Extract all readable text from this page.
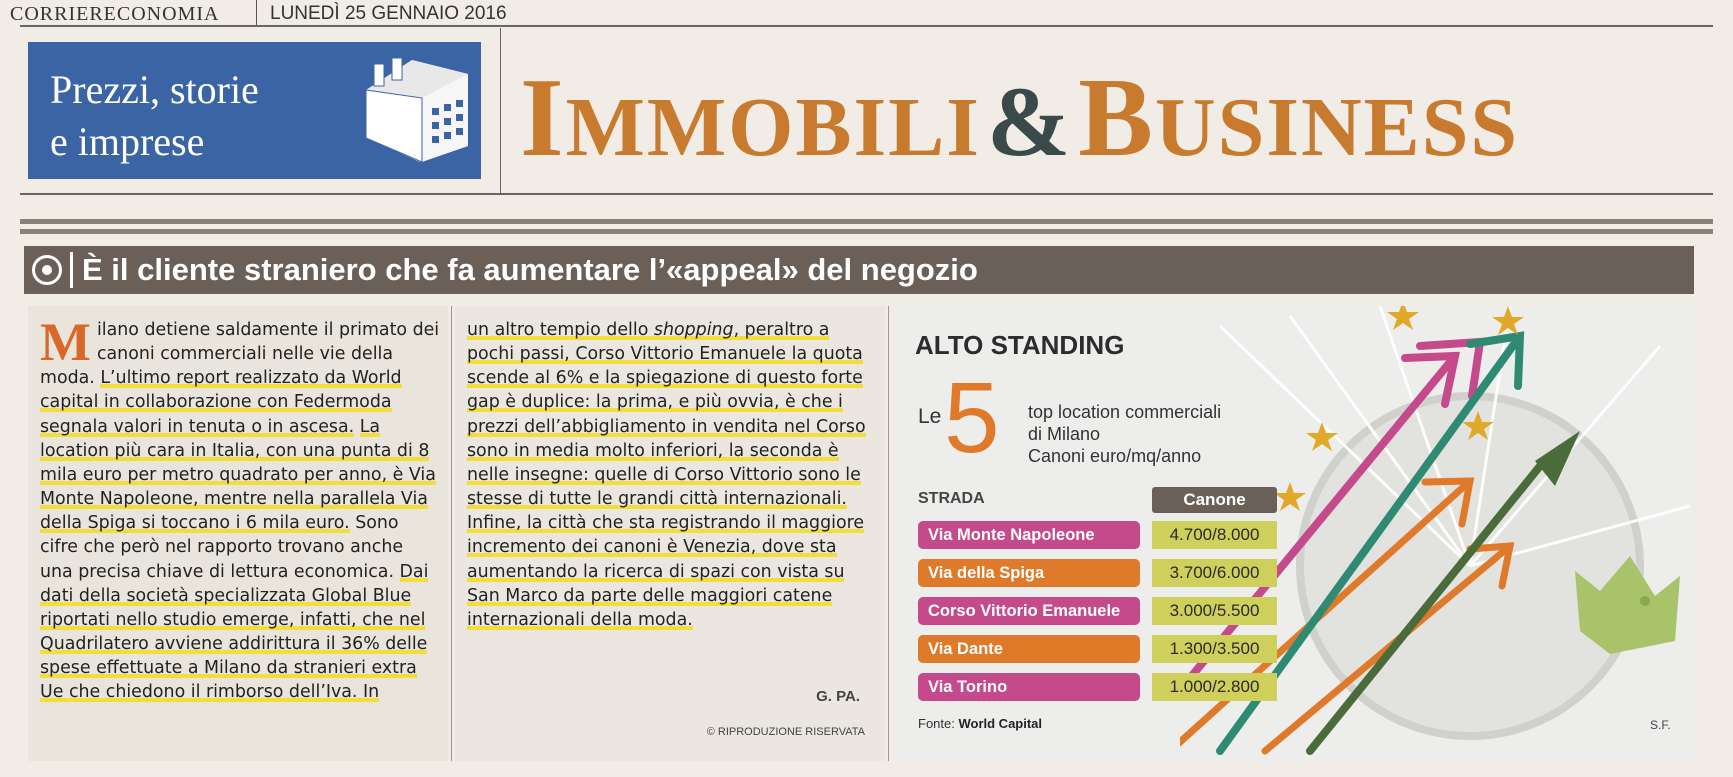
CORRIERECONOMIA	LUNEDÌ 25 GENNAIO 2016
Prezzi, storie
e imprese	IMMOBILI & BUSINESS
È il cliente straniero che fa aumentare l’«appeal» del negozio
M ilano detiene saldamente il primato dei canoni commerciali nelle vie della moda. L’ultimo report realizzato da World capital in collaborazione con Federmoda segnala valori in tenuta o in ascesa. La location più cara in Italia, con una punta di 8 mila euro per metro quadrato per anno, è Via Monte Napoleone, mentre nella parallela Via della Spiga si toccano i 6 mila euro. Sono cifre che però nel rapporto trovano anche una precisa chiave di lettura economica. Dai dati della società specializzata Global Blue riportati nello studio emerge, infatti, che nel Quadrilatero avviene addirittura il 36% delle spese effettuate a Milano da stranieri extra Ue che chiedono il rimborso dell’Iva. In
un altro tempio dello shopping, peraltro a pochi passi, Corso Vittorio Emanuele la quota scende al 6% e la spiegazione di questo forte gap è duplice: la prima, e più ovvia, è che i prezzi dell’abbigliamento in vendita nel Corso sono in media molto inferiori, la seconda è nelle insegne: quelle di Corso Vittorio sono le stesse di tutte le grandi città internazionali.
Infine, la città che sta registrando il maggiore incremento dei canoni è Venezia, dove sta aumentando la ricerca di spazi con vista su San Marco da parte delle maggiori catene internazionali della moda.
G. PA.
© RIPRODUZIONE RISERVATA
ALTO STANDING
Le 5 top location commerciali
di Milano
Canoni euro/mq/anno
STRADA	Canone
Via Monte Napoleone	4.700/8.000
Via della Spiga	3.700/6.000
Corso Vittorio Emanuele	3.000/5.500
Via Dante	1.300/3.500
Via Torino	1.000/2.800
Fonte: World Capital	S.F.
